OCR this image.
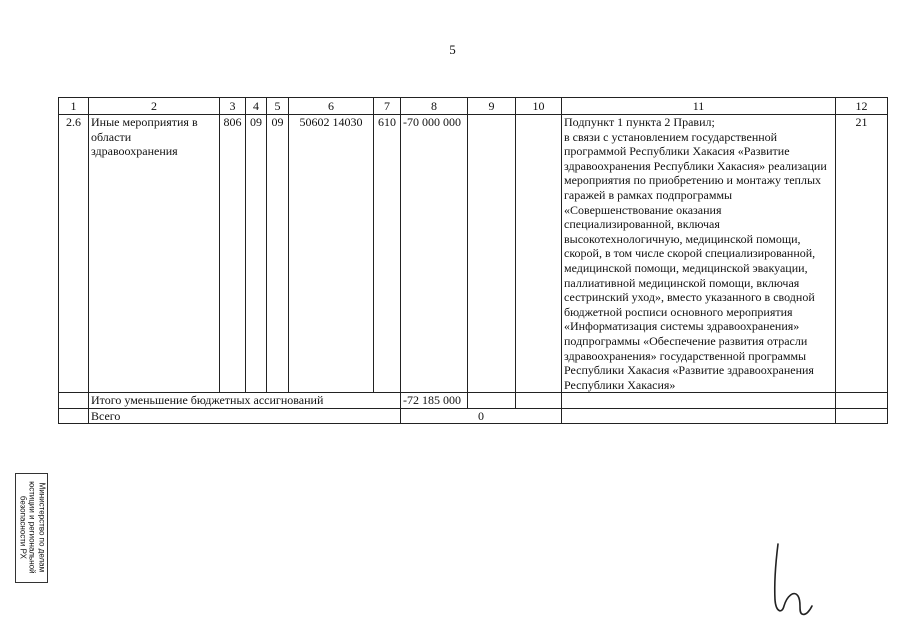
5
1	2	3	4	5	6	7	8	9	10	11	12
2.6	Иные мероприятия в области здравоохранения	806	09	09	50602 14030	610	-70 000 000			Подпункт 1 пункта 2 Правил;
в связи с установлением государственной программой Республики Хакасия «Развитие здравоохранения Республики Хакасия» реализации мероприятия по приобретению и монтажу теплых гаражей в рамках подпрограммы «Совершенствование оказания специализированной, включая высокотехнологичную, медицинской помощи, скорой, в том числе скорой специализированной, медицинской помощи, медицинской эвакуации, паллиативной медицинской помощи, включая сестринский уход», вместо указанного в сводной бюджетной росписи основного мероприятия «Информатизация системы здравоохранения» подпрограммы «Обеспечение развития отрасли здравоохранения» государственной программы Республики Хакасия «Развитие здравоохранения Республики Хакасия»	21
	Итого уменьшение бюджетных ассигнований						-72 185 000				
	Всего						0				
Министерство по делам юстиции и региональной безопасности РХ
